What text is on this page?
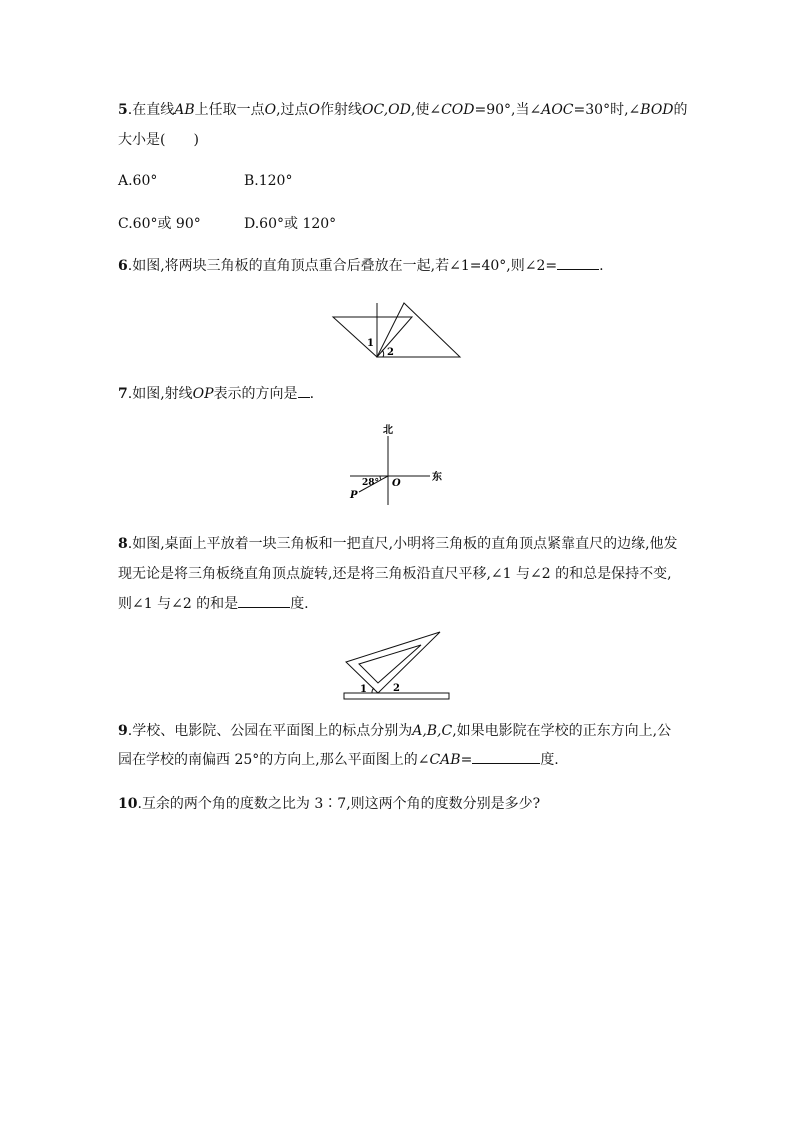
5.在直线AB上任取一点O,过点O作射线OC,OD,使∠COD=90°,当∠AOC=30°时,∠BOD的
大小是(　　)
A.60°	B.120°
C.60°或 90°	D.60°或 120°
6.如图,将两块三角板的直角顶点重合后叠放在一起,若∠1=40°,则∠2=	.
1
2
7.如图,射线OP表示的方向是 .
北
东
28° O
P
8.如图,桌面上平放着一块三角板和一把直尺,小明将三角板的直角顶点紧靠直尺的边缘,他发
现无论是将三角板绕直角顶点旋转,还是将三角板沿直尺平移,∠1 与∠2 的和总是保持不变,
则∠1 与∠2 的和是	度.
1	2
9.学校、电影院、公园在平面图上的标点分别为A,B,C,如果电影院在学校的正东方向上,公
园在学校的南偏西 25°的方向上,那么平面图上的∠CAB=	度.
10.互余的两个角的度数之比为 3∶7,则这两个角的度数分别是多少?
